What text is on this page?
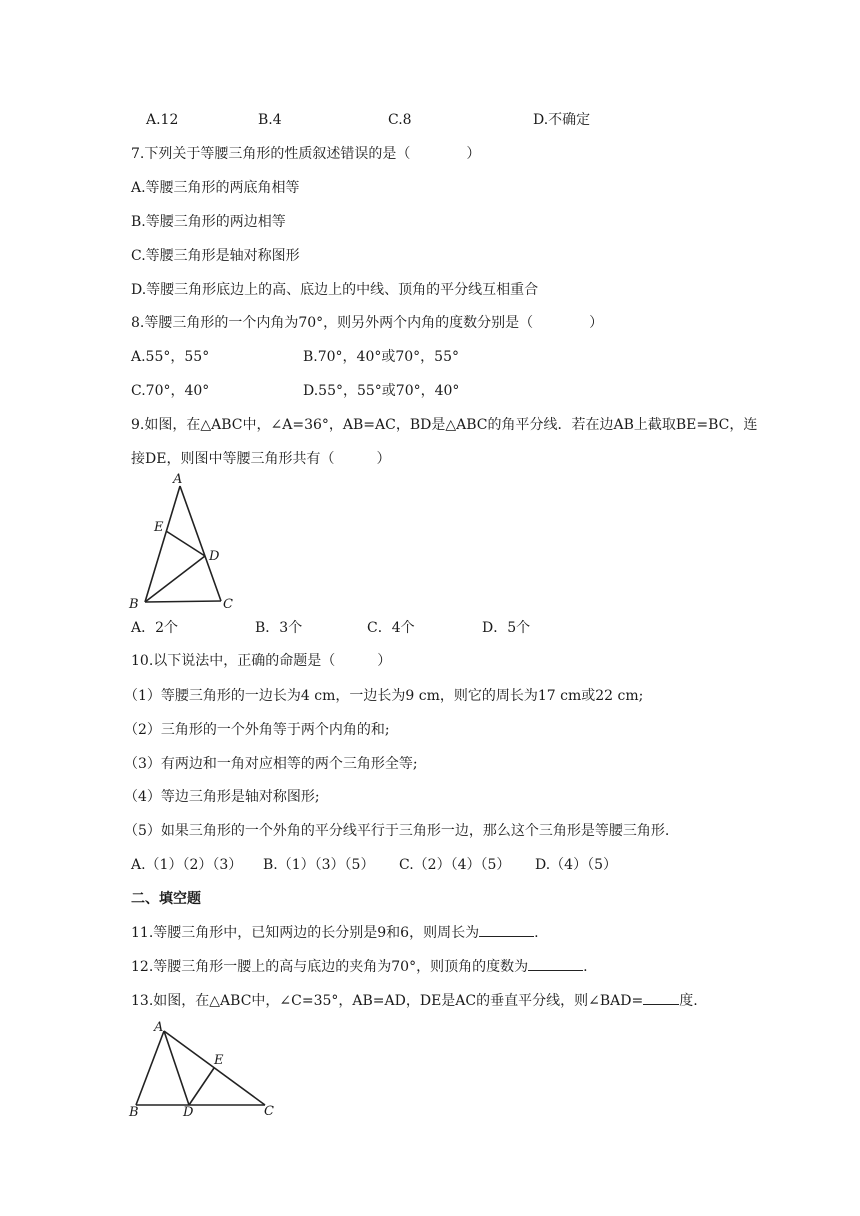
A.12	B.4	C.8	D.不确定
7.下列关于等腰三角形的性质叙述错误的是（　　　　）
A.等腰三角形的两底角相等
B.等腰三角形的两边相等
C.等腰三角形是轴对称图形
D.等腰三角形底边上的高、底边上的中线、顶角的平分线互相重合
8.等腰三角形的一个内角为70°，则另外两个内角的度数分别是（　　　　）
A.55°，55°	B.70°，40°或70°，55°
C.70°，40°	D.55°，55°或70°，40°
9.如图，在△ABC中，∠A=36°，AB=AC，BD是△ABC的角平分线．若在边AB上截取BE=BC，连
接DE，则图中等腰三角形共有（　　　）
A
E
D
B	C
A．2个	B．3个	C．4个	D．5个
10.以下说法中，正确的命题是（　　　）
（1）等腰三角形的一边长为4 cm，一边长为9 cm，则它的周长为17 cm或22 cm;
（2）三角形的一个外角等于两个内角的和;
（3）有两边和一角对应相等的两个三角形全等;
（4）等边三角形是轴对称图形;
（5）如果三角形的一个外角的平分线平行于三角形一边，那么这个三角形是等腰三角形.
A.（1）（2）（3） B.（1）（3）（5） C.（2）（4）（5） D.（4）（5）
二、填空题
11.等腰三角形中，已知两边的长分别是9和6，则周长为	.
12.等腰三角形一腰上的高与底边的夹角为70°，则顶角的度数为	.
13.如图，在△ABC中，∠C=35°，AB=AD，DE是AC的垂直平分线，则∠BAD=	度.
A
E
B	D	C
